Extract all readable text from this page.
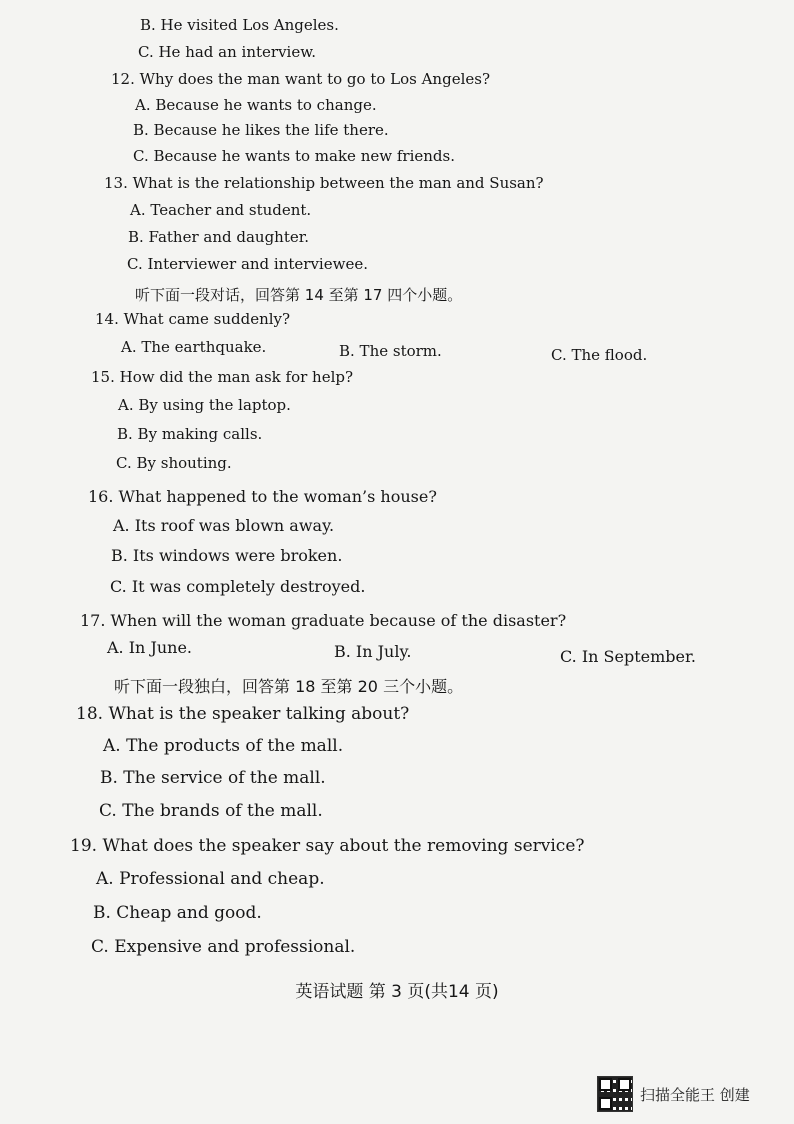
B. He visited Los Angeles.
C. He had an interview.
12. Why does the man want to go to Los Angeles?
A. Because he wants to change.
B. Because he likes the life there.
C. Because he wants to make new friends.
13. What is the relationship between the man and Susan?
A. Teacher and student.
B. Father and daughter.
C. Interviewer and interviewee.
听下面一段对话，回答第 14 至第 17 四个小题。
14. What came suddenly?
A. The earthquake.	B. The storm.	C. The flood.
15. How did the man ask for help?
A. By using the laptop.
B. By making calls.
C. By shouting.
16. What happened to the woman’s house?
A. Its roof was blown away.
B. Its windows were broken.
C. It was completely destroyed.
17. When will the woman graduate because of the disaster?
A. In June.	B. In July.	C. In September.
听下面一段独白，回答第 18 至第 20 三个小题。
18. What is the speaker talking about?
A. The products of the mall.
B. The service of the mall.
C. The brands of the mall.
19. What does the speaker say about the removing service?
A. Professional and cheap.
B. Cheap and good.
C. Expensive and professional.
英语试题 第 3 页(共14 页)
扫描全能王 创建
